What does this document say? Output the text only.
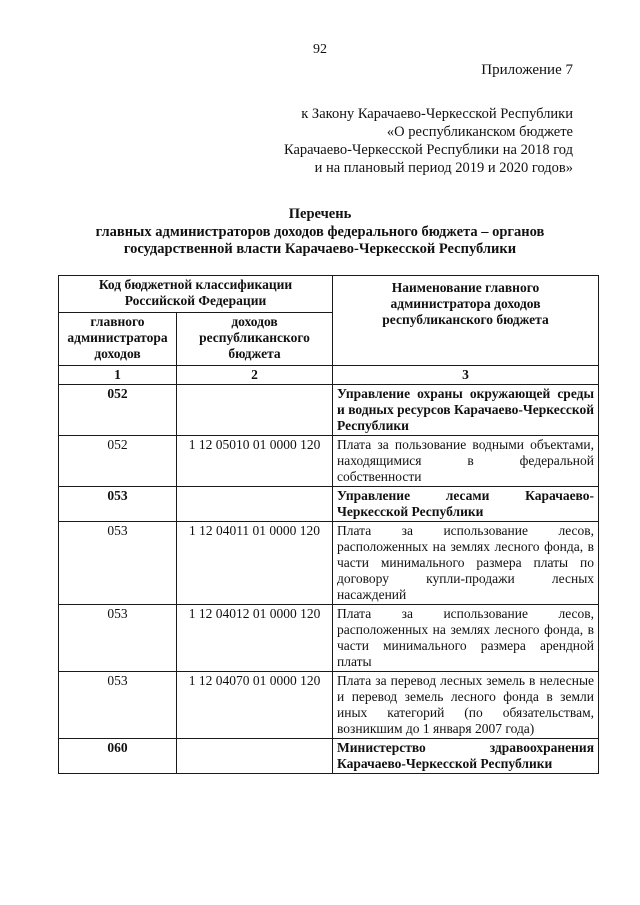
92
Приложение 7
к Закону Карачаево-Черкесской Республики
«О республиканском бюджете
Карачаево-Черкесской Республики на 2018 год
и на плановый период 2019 и 2020 годов»
Перечень
главных администраторов доходов федерального бюджета – органов
государственной власти Карачаево-Черкесской Республики
Код бюджетной классификации Российской Федерации		Наименование главного администратора доходов республиканского бюджета
главного администратора доходов	доходов республиканского бюджета	
1	2	3
052		Управление охраны окружающей среды и водных ресурсов Карачаево-Черкесской Республики
052	1 12 05010 01 0000 120	Плата за пользование водными объектами, находящимися в федеральной собственности
053		Управление лесами Карачаево-Черкесской Республики
053	1 12 04011 01 0000 120	Плата за использование лесов, расположенных на землях лесного фонда, в части минимального размера платы по договору купли-продажи лесных насаждений
053	1 12 04012 01 0000 120	Плата за использование лесов, расположенных на землях лесного фонда, в части минимального размера арендной платы
053	1 12 04070 01 0000 120	Плата за перевод лесных земель в нелесные и перевод земель лесного фонда в земли иных категорий (по обязательствам, возникшим до 1 января 2007 года)
060		Министерство здравоохранения Карачаево-Черкесской Республики
